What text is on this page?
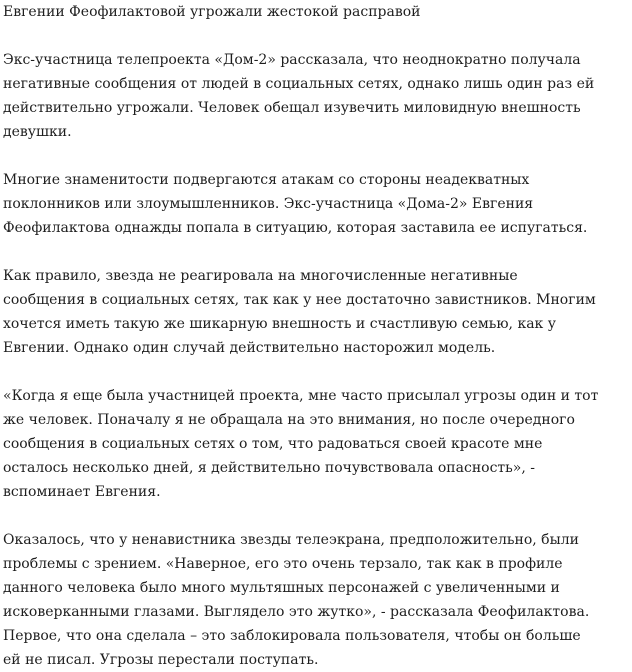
Евгении Феофилактовой угрожали жестокой расправой

Экс-участница телепроекта «Дом-2» рассказала, что неоднократно получала
негативные сообщения от людей в социальных сетях, однако лишь один раз ей
действительно угрожали. Человек обещал изувечить миловидную внешность
девушки.

Многие знаменитости подвергаются атакам со стороны неадекватных
поклонников или злоумышленников. Экс-участница «Дома-2» Евгения
Феофилактова однажды попала в ситуацию, которая заставила ее испугаться.

Как правило, звезда не реагировала на многочисленные негативные
сообщения в социальных сетях, так как у нее достаточно завистников. Многим
хочется иметь такую же шикарную внешность и счастливую семью, как у
Евгении. Однако один случай действительно насторожил модель.

«Когда я еще была участницей проекта, мне часто присылал угрозы один и тот
же человек. Поначалу я не обращала на это внимания, но после очередного
сообщения в социальных сетях о том, что радоваться своей красоте мне
осталось несколько дней, я действительно почувствовала опасность», -
вспоминает Евгения.

Оказалось, что у ненавистника звезды телеэкрана, предположительно, были
проблемы с зрением. «Наверное, его это очень терзало, так как в профиле
данного человека было много мультяшных персонажей с увеличенными и
исковерканными глазами. Выглядело это жутко», - рассказала Феофилактова.
Первое, что она сделала – это заблокировала пользователя, чтобы он больше
ей не писал. Угрозы перестали поступать.
